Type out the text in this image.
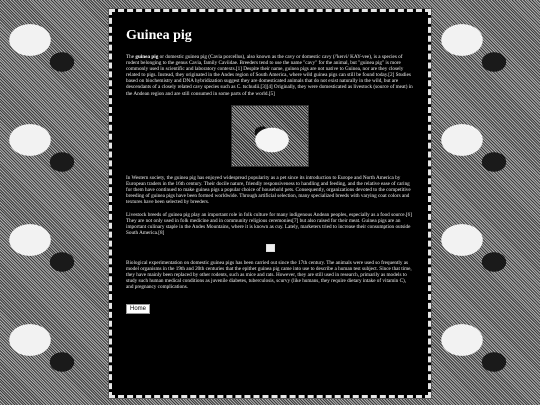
Guinea pig

The guinea pig or domestic guinea pig (Cavia porcellus), also known as the cavy or domestic cavy (/'keɪvi/ KAY-vee), is a species of rodent belonging to the genus Cavia, family Caviidae. Breeders tend to use the name "cavy" for the animal, but "guinea pig" is more commonly used in scientific and laboratory contexts.[1] Despite their name, guinea pigs are not native to Guinea, nor are they closely related to pigs. Instead, they originated in the Andes region of South America, where wild guinea pigs can still be found today.[2] Studies based on biochemistry and DNA hybridization suggest they are domesticated animals that do not exist naturally in the wild, but are descendants of a closely related cavy species such as C. tschudii.[3][4] Originally, they were domesticated as livestock (source of meat) in the Andean region and are still consumed in some parts of the world.[5]

In Western society, the guinea pig has enjoyed widespread popularity as a pet since its introduction to Europe and North America by European traders in the 16th century. Their docile nature, friendly responsiveness to handling and feeding, and the relative ease of caring for them have continued to make guinea pigs a popular choice of household pets. Consequently, organizations devoted to the competitive breeding of guinea pigs have been formed worldwide. Through artificial selection, many specialized breeds with varying coat colors and textures have been selected by breeders.

Livestock breeds of guinea pig play an important role in folk culture for many indigenous Andean peoples, especially as a food source.[6] They are not only used in folk medicine and in community religious ceremonies[7] but also raised for their meat. Guinea pigs are an important culinary staple in the Andes Mountains, where it is known as cuy. Lately, marketers tried to increase their consumption outside South America.[8]

Biological experimentation on domestic guinea pigs has been carried out since the 17th century. The animals were used so frequently as model organisms in the 19th and 20th centuries that the epithet guinea pig came into use to describe a human test subject. Since that time, they have mainly been replaced by other rodents, such as mice and rats. However, they are still used in research, primarily as models to study such human medical conditions as juvenile diabetes, tuberculosis, scurvy (like humans, they require dietary intake of vitamin C), and pregnancy complications.

Home
